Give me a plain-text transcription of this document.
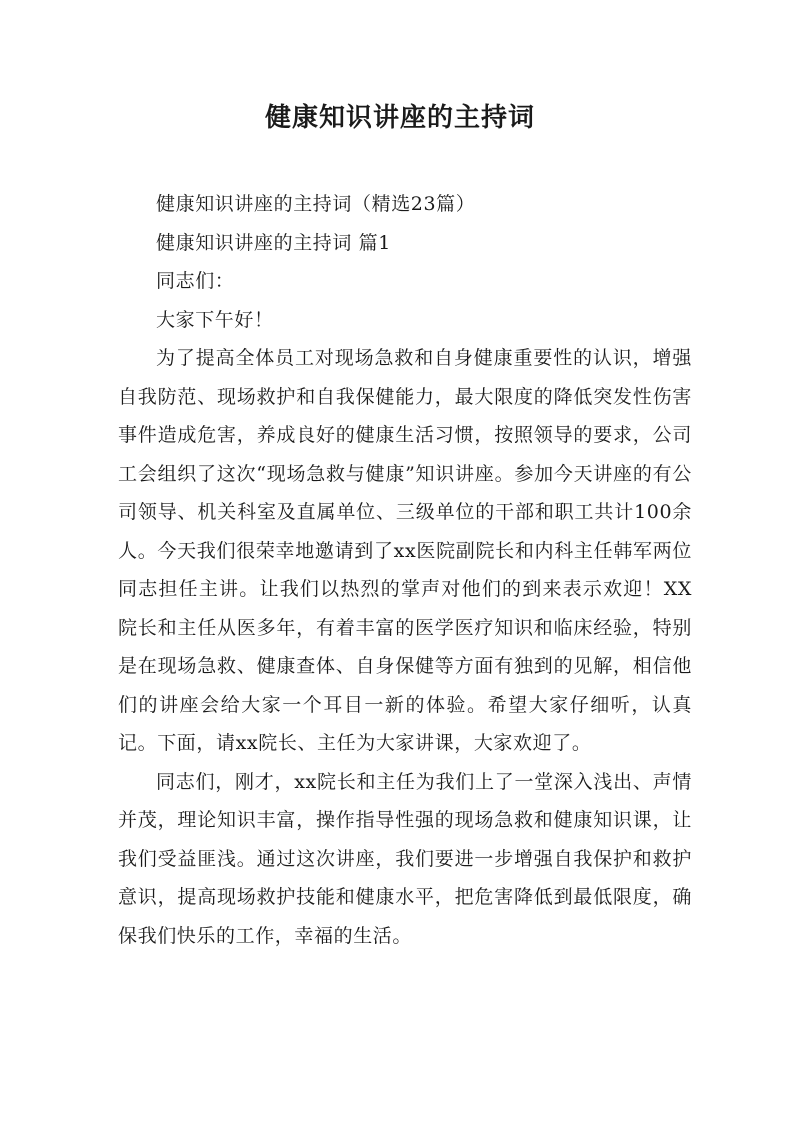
健康知识讲座的主持词

健康知识讲座的主持词（精选23篇）

健康知识讲座的主持词 篇1

同志们：

大家下午好！

为了提高全体员工对现场急救和自身健康重要性的认识，增强自我防范、现场救护和自我保健能力，最大限度的降低突发性伤害事件造成危害，养成良好的健康生活习惯，按照领导的要求，公司工会组织了这次“现场急救与健康”知识讲座。参加今天讲座的有公司领导、机关科室及直属单位、三级单位的干部和职工共计100余人。今天我们很荣幸地邀请到了xx医院副院长和内科主任韩军两位同志担任主讲。让我们以热烈的掌声对他们的到来表示欢迎！XX院长和主任从医多年，有着丰富的医学医疗知识和临床经验，特别是在现场急救、健康查体、自身保健等方面有独到的见解，相信他们的讲座会给大家一个耳目一新的体验。希望大家仔细听，认真记。下面，请xx院长、主任为大家讲课，大家欢迎了。

同志们，刚才，xx院长和主任为我们上了一堂深入浅出、声情并茂，理论知识丰富，操作指导性强的现场急救和健康知识课，让我们受益匪浅。通过这次讲座，我们要进一步增强自我保护和救护意识，提高现场救护技能和健康水平，把危害降低到最低限度，确保我们快乐的工作，幸福的生活。
